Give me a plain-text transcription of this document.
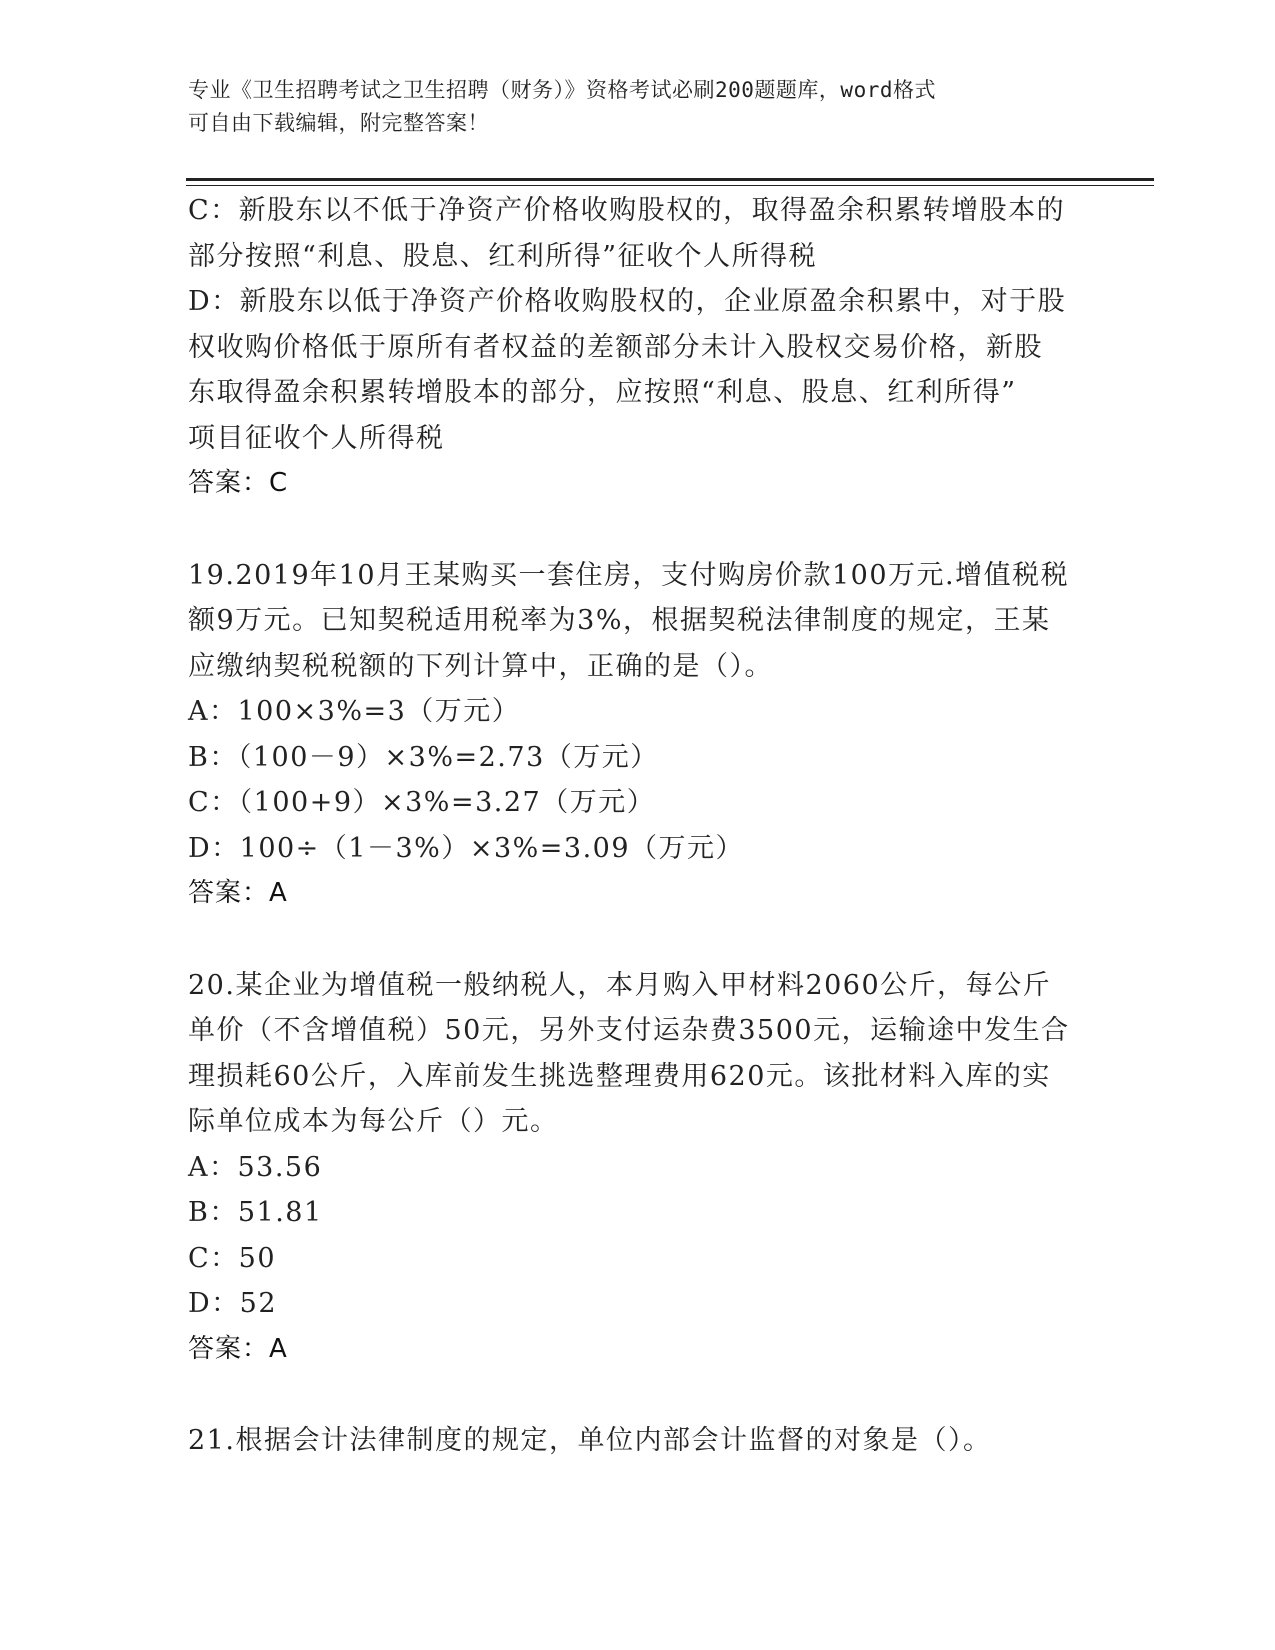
专业《卫生招聘考试之卫生招聘（财务）》资格考试必刷200题题库，word格式
可自由下载编辑，附完整答案！
C：新股东以不低于净资产价格收购股权的，取得盈余积累转增股本的
部分按照“利息、股息、红利所得”征收个人所得税
D：新股东以低于净资产价格收购股权的，企业原盈余积累中，对于股
权收购价格低于原所有者权益的差额部分未计入股权交易价格，新股
东取得盈余积累转增股本的部分，应按照“利息、股息、红利所得”
项目征收个人所得税
答案：C
19.2019年10月王某购买一套住房，支付购房价款100万元.增值税税
额9万元。已知契税适用税率为3%，根据契税法律制度的规定，王某
应缴纳契税税额的下列计算中，正确的是（）。
A：100×3%=3（万元）
B：（100－9）×3%=2.73（万元）
C：（100+9）×3%=3.27（万元）
D：100÷（1－3%）×3%=3.09（万元）
答案：A
20.某企业为增值税一般纳税人，本月购入甲材料2060公斤，每公斤
单价（不含增值税）50元，另外支付运杂费3500元，运输途中发生合
理损耗60公斤，入库前发生挑选整理费用620元。该批材料入库的实
际单位成本为每公斤（）元。
A：53.56
B：51.81
C：50
D：52
答案：A
21.根据会计法律制度的规定，单位内部会计监督的对象是（）。
